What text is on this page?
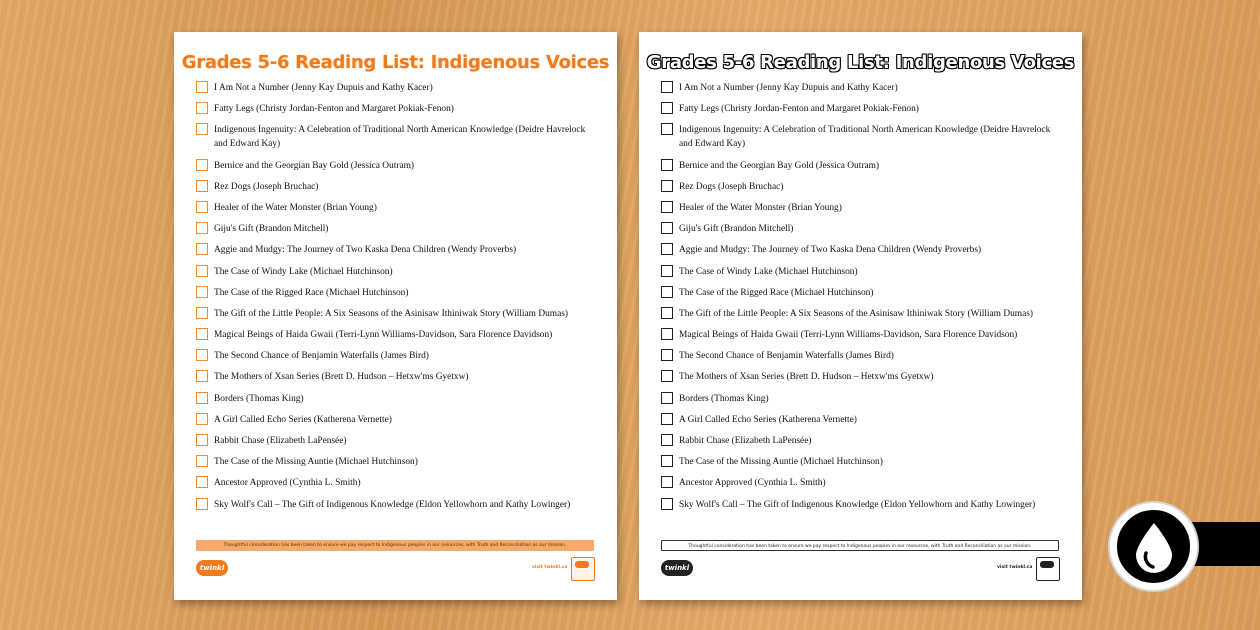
Grades 5-6 Reading List: Indigenous Voices
I Am Not a Number (Jenny Kay Dupuis and Kathy Kacer)
Fatty Legs (Christy Jordan-Fenton and Margaret Pokiak-Fenon)
Indigenous Ingenuity: A Celebration of Traditional North American Knowledge (Deidre Havrelock and Edward Kay)
Bernice and the Georgian Bay Gold (Jessica Outram)
Rez Dogs (Joseph Bruchac)
Healer of the Water Monster (Brian Young)
Giju's Gift (Brandon Mitchell)
Aggie and Mudgy: The Journey of Two Kaska Dena Children (Wendy Proverbs)
The Case of Windy Lake (Michael Hutchinson)
The Case of the Rigged Race (Michael Hutchinson)
The Gift of the Little People: A Six Seasons of the Asinisaw Ithiniwak Story (William Dumas)
Magical Beings of Haida Gwaii (Terri-Lynn Williams-Davidson, Sara Florence Davidson)
The Second Chance of Benjamin Waterfalls (James Bird)
The Mothers of Xsan Series (Brett D. Hudson – Hetxw'ms Gyetxw)
Borders (Thomas King)
A Girl Called Echo Series (Katherena Vernette)
Rabbit Chase (Elizabeth LaPensée)
The Case of the Missing Auntie (Michael Hutchinson)
Ancestor Approved (Cynthia L. Smith)
Sky Wolf's Call – The Gift of Indigenous Knowledge (Eldon Yellowhorn and Kathy Lowinger)
Thoughtful consideration has been taken to ensure we pay respect to Indigenous peoples in our resources, with Truth and Reconciliation as our mission.
twinkl	visit twinkl.ca
Grades 5-6 Reading List: Indigenous Voices
I Am Not a Number (Jenny Kay Dupuis and Kathy Kacer)
Fatty Legs (Christy Jordan-Fenton and Margaret Pokiak-Fenon)
Indigenous Ingenuity: A Celebration of Traditional North American Knowledge (Deidre Havrelock and Edward Kay)
Bernice and the Georgian Bay Gold (Jessica Outram)
Rez Dogs (Joseph Bruchac)
Healer of the Water Monster (Brian Young)
Giju's Gift (Brandon Mitchell)
Aggie and Mudgy: The Journey of Two Kaska Dena Children (Wendy Proverbs)
The Case of Windy Lake (Michael Hutchinson)
The Case of the Rigged Race (Michael Hutchinson)
The Gift of the Little People: A Six Seasons of the Asinisaw Ithiniwak Story (William Dumas)
Magical Beings of Haida Gwaii (Terri-Lynn Williams-Davidson, Sara Florence Davidson)
The Second Chance of Benjamin Waterfalls (James Bird)
The Mothers of Xsan Series (Brett D. Hudson – Hetxw'ms Gyetxw)
Borders (Thomas King)
A Girl Called Echo Series (Katherena Vernette)
Rabbit Chase (Elizabeth LaPensée)
The Case of the Missing Auntie (Michael Hutchinson)
Ancestor Approved (Cynthia L. Smith)
Sky Wolf's Call – The Gift of Indigenous Knowledge (Eldon Yellowhorn and Kathy Lowinger)
Thoughtful consideration has been taken to ensure we pay respect to Indigenous peoples in our resources, with Truth and Reconciliation as our mission.
twinkl	visit twinkl.ca
